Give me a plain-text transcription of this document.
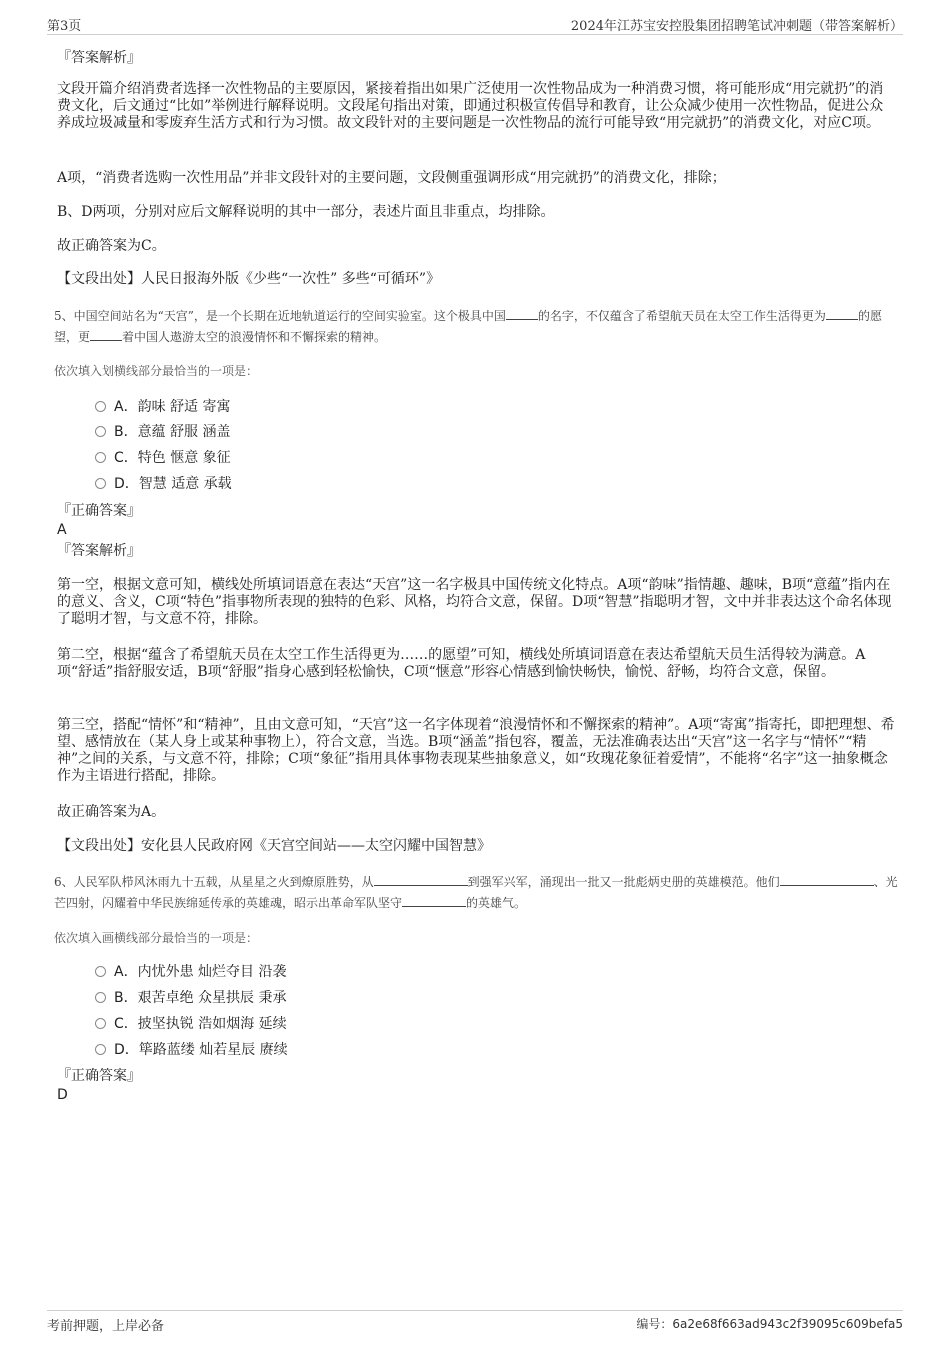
第3页	2024年江苏宝安控股集团招聘笔试冲刺题（带答案解析）

『答案解析』

文段开篇介绍消费者选择一次性物品的主要原因，紧接着指出如果广泛使用一次性物品成为一种消费习惯，将可能形成“用完就扔”的消费文化，后文通过“比如”举例进行解释说明。文段尾句指出对策，即通过积极宣传倡导和教育，让公众减少使用一次性物品，促进公众养成垃圾减量和零废弃生活方式和行为习惯。故文段针对的主要问题是一次性物品的流行可能导致“用完就扔”的消费文化，对应C项。

A项，“消费者选购一次性用品”并非文段针对的主要问题，文段侧重强调形成“用完就扔”的消费文化，排除；

B、D两项，分别对应后文解释说明的其中一部分，表述片面且非重点，均排除。

故正确答案为C。

【文段出处】人民日报海外版《少些“一次性” 多些“可循环”》

5、中国空间站名为“天宫”，是一个长期在近地轨道运行的空间实验室。这个极具中国	的名字，不仅蕴含了希望航天员在太空工作生活得更为	的愿望，更	着中国人遨游太空的浪漫情怀和不懈探索的精神。

依次填入划横线部分最恰当的一项是：

A．韵味 舒适 寄寓
B．意蕴 舒服 涵盖
C．特色 惬意 象征
D．智慧 适意 承载

『正确答案』

A

『答案解析』

第一空，根据文意可知，横线处所填词语意在表达“天宫”这一名字极具中国传统文化特点。A项“韵味”指情趣、趣味，B项“意蕴”指内在的意义、含义，C项“特色”指事物所表现的独特的色彩、风格，均符合文意，保留。D项“智慧”指聪明才智，文中并非表达这个命名体现了聪明才智，与文意不符，排除。

第二空，根据“蕴含了希望航天员在太空工作生活得更为……的愿望”可知，横线处所填词语意在表达希望航天员生活得较为满意。A项“舒适”指舒服安适，B项“舒服”指身心感到轻松愉快，C项“惬意”形容心情感到愉快畅快，愉悦、舒畅，均符合文意，保留。

第三空，搭配“情怀”和“精神”，且由文意可知，“天宫”这一名字体现着“浪漫情怀和不懈探索的精神”。A项“寄寓”指寄托，即把理想、希望、感情放在（某人身上或某种事物上），符合文意，当选。B项“涵盖”指包容，覆盖，无法准确表达出“天宫”这一名字与“情怀”“精神”之间的关系，与文意不符，排除；C项“象征”指用具体事物表现某些抽象意义，如“玫瑰花象征着爱情”，不能将“名字”这一抽象概念作为主语进行搭配，排除。

故正确答案为A。

【文段出处】安化县人民政府网《天宫空间站——太空闪耀中国智慧》

6、人民军队栉风沐雨九十五载，从星星之火到燎原胜势，从	到强军兴军，涌现出一批又一批彪炳史册的英雄模范。他们	、光芒四射，闪耀着中华民族绵延传承的英雄魂，昭示出革命军队坚守	的英雄气。

依次填入画横线部分最恰当的一项是：

A．内忧外患 灿烂夺目 沿袭
B．艰苦卓绝 众星拱辰 秉承
C．披坚执锐 浩如烟海 延续
D．筚路蓝缕 灿若星辰 赓续

『正确答案』

D

考前押题，上岸必备	编号：6a2e68f663ad943c2f39095c609befa5
